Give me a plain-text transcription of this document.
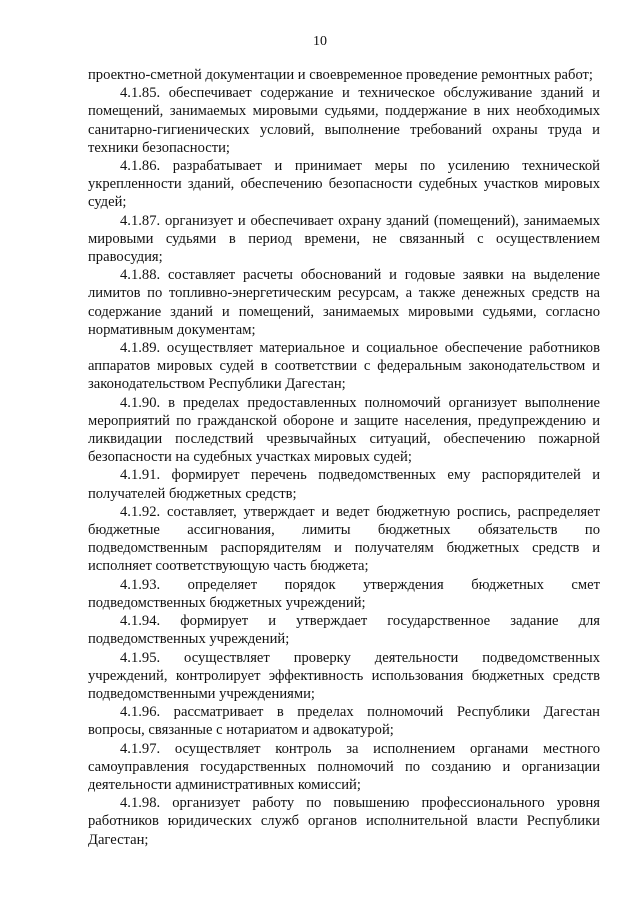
10

проектно-сметной документации и своевременное проведение ремонтных работ;

4.1.85. обеспечивает содержание и техническое обслуживание зданий и помещений, занимаемых мировыми судьями, поддержание в них необходимых санитарно-гигиенических условий, выполнение требований охраны труда и техники безопасности;

4.1.86. разрабатывает и принимает меры по усилению технической укрепленности зданий, обеспечению безопасности судебных участков мировых судей;

4.1.87. организует и обеспечивает охрану зданий (помещений), занимаемых мировыми судьями в период времени, не связанный с осуществлением правосудия;

4.1.88. составляет расчеты обоснований и годовые заявки на выделение лимитов по топливно-энергетическим ресурсам, а также денежных средств на содержание зданий и помещений, занимаемых мировыми судьями, согласно нормативным документам;

4.1.89. осуществляет материальное и социальное обеспечение работников аппаратов мировых судей в соответствии с федеральным законодательством и законодательством Республики Дагестан;

4.1.90. в пределах предоставленных полномочий организует выполнение мероприятий по гражданской обороне и защите населения, предупреждению и ликвидации последствий чрезвычайных ситуаций, обеспечению пожарной безопасности на судебных участках мировых судей;

4.1.91. формирует перечень подведомственных ему распорядителей и получателей бюджетных средств;

4.1.92. составляет, утверждает и ведет бюджетную роспись, распределяет бюджетные ассигнования, лимиты бюджетных обязательств по подведомственным распорядителям и получателям бюджетных средств и исполняет соответствующую часть бюджета;

4.1.93. определяет порядок утверждения бюджетных смет подведомственных бюджетных учреждений;

4.1.94. формирует и утверждает государственное задание для подведомственных учреждений;

4.1.95. осуществляет проверку деятельности подведомственных учреждений, контролирует эффективность использования бюджетных средств подведомственными учреждениями;

4.1.96. рассматривает в пределах полномочий Республики Дагестан вопросы, связанные с нотариатом и адвокатурой;

4.1.97. осуществляет контроль за исполнением органами местного самоуправления государственных полномочий по созданию и организации деятельности административных комиссий;

4.1.98. организует работу по повышению профессионального уровня работников юридических служб органов исполнительной власти Республики Дагестан;
